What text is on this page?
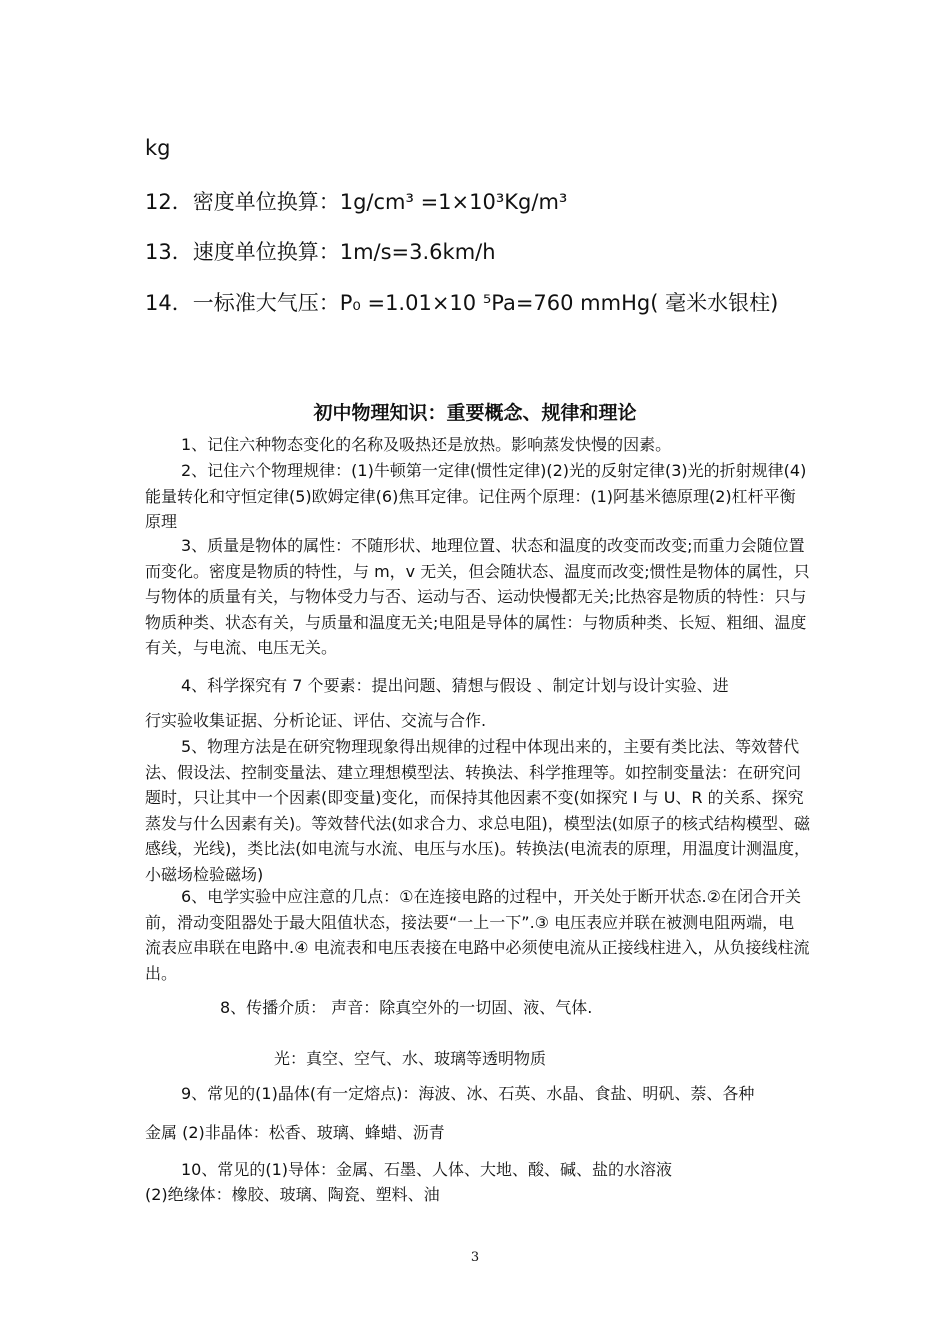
kg
12．密度单位换算：1g/cm³ =1×10³Kg/m³
13．速度单位换算：1m/s=3.6km/h
14．一标准大气压：P₀ =1.01×10 ⁵Pa=760 mmHg( 毫米水银柱)
初中物理知识：重要概念、规律和理论
1、记住六种物态变化的名称及吸热还是放热。影响蒸发快慢的因素。
2、记住六个物理规律：(1)牛顿第一定律(惯性定律)(2)光的反射定律(3)光的折射规律(4)能量转化和守恒定律(5)欧姆定律(6)焦耳定律。记住两个原理：(1)阿基米德原理(2)杠杆平衡原理
3、质量是物体的属性：不随形状、地理位置、状态和温度的改变而改变;而重力会随位置而变化。密度是物质的特性，与 m，v 无关，但会随状态、温度而改变;惯性是物体的属性，只与物体的质量有关，与物体受力与否、运动与否、运动快慢都无关;比热容是物质的特性：只与物质种类、状态有关，与质量和温度无关;电阻是导体的属性：与物质种类、长短、粗细、温度有关，与电流、电压无关。
4、科学探究有 7 个要素：提出问题、猜想与假设 、制定计划与设计实验、进
行实验收集证据、分析论证、评估、交流与合作.
5、物理方法是在研究物理现象得出规律的过程中体现出来的，主要有类比法、等效替代法、假设法、控制变量法、建立理想模型法、转换法、科学推理等。如控制变量法：在研究问题时，只让其中一个因素(即变量)变化，而保持其他因素不变(如探究 I 与 U、R 的关系、探究蒸发与什么因素有关)。等效替代法(如求合力、求总电阻)，模型法(如原子的核式结构模型、磁感线，光线)，类比法(如电流与水流、电压与水压)。转换法(电流表的原理，用温度计测温度，小磁场检验磁场)
6、电学实验中应注意的几点：①在连接电路的过程中，开关处于断开状态.②在闭合开关前，滑动变阻器处于最大阻值状态，接法要“一上一下”.③ 电压表应并联在被测电阻两端，电流表应串联在电路中.④ 电流表和电压表接在电路中必须使电流从正接线柱进入，从负接线柱流出。
8、传播介质： 声音：除真空外的一切固、液、气体.
光：真空、空气、水、玻璃等透明物质
9、常见的(1)晶体(有一定熔点)：海波、冰、石英、水晶、食盐、明矾、萘、各种
金属 (2)非晶体：松香、玻璃、蜂蜡、沥青
10、常见的(1)导体：金属、石墨、人体、大地、酸、碱、盐的水溶液
(2)绝缘体：橡胶、玻璃、陶瓷、塑料、油
3
